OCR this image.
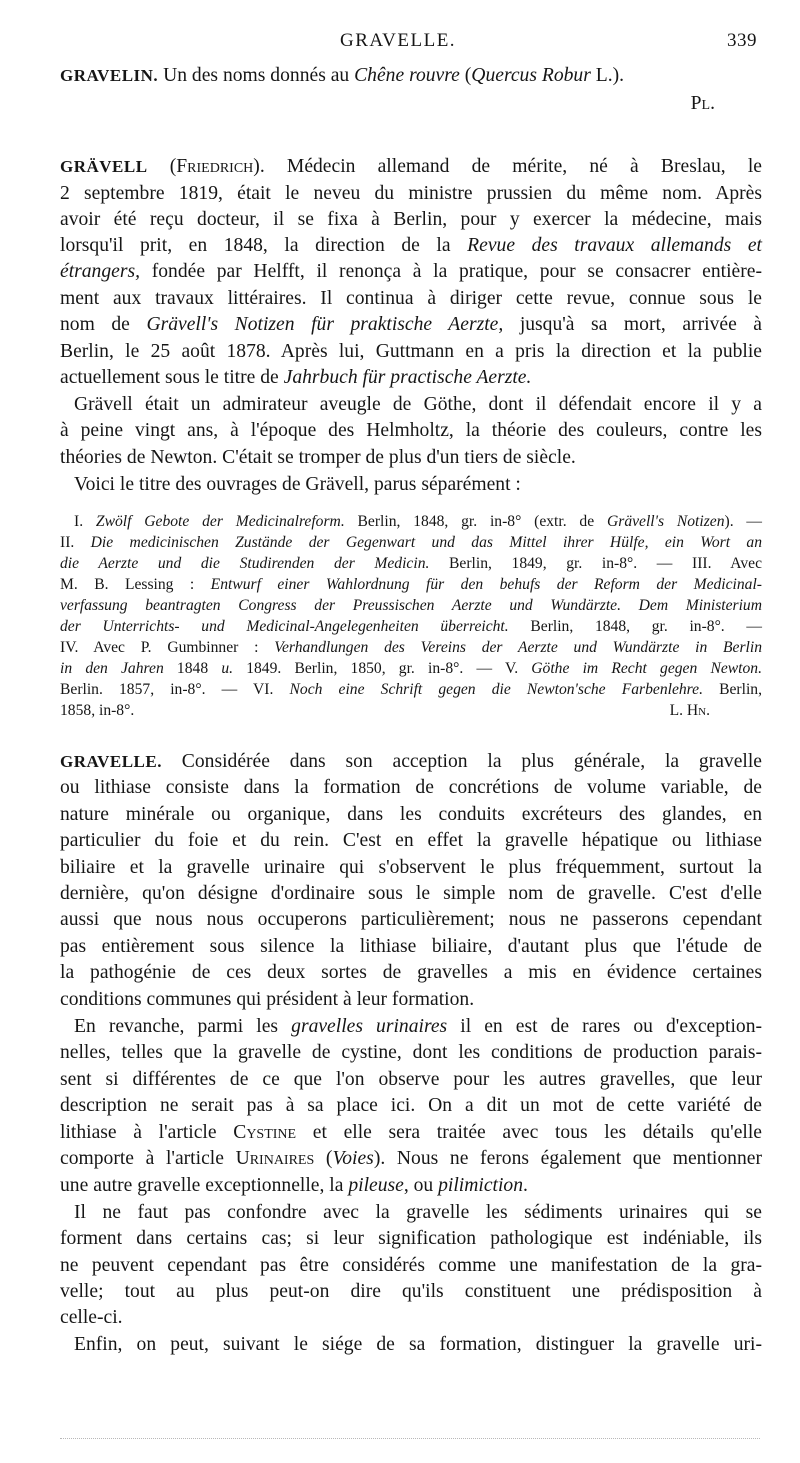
GRAVELLE.	339
GRAVELIN. Un des noms donnés au Chêne rouvre (Quercus Robur L.).
Pl.
GRÄVELL (Friedrich). Médecin allemand de mérite, né à Breslau, le
2 septembre 1819, était le neveu du ministre prussien du même nom. Après
avoir été reçu docteur, il se fixa à Berlin, pour y exercer la médecine, mais
lorsqu'il prit, en 1848, la direction de la Revue des travaux allemands et
étrangers, fondée par Helfft, il renonça à la pratique, pour se consacrer entière-
ment aux travaux littéraires. Il continua à diriger cette revue, connue sous le
nom de Grävell's Notizen für praktische Aerzte, jusqu'à sa mort, arrivée à
Berlin, le 25 août 1878. Après lui, Guttmann en a pris la direction et la publie
actuellement sous le titre de Jahrbuch für practische Aerzte.
Grävell était un admirateur aveugle de Göthe, dont il défendait encore il y a
à peine vingt ans, à l'époque des Helmholtz, la théorie des couleurs, contre les
théories de Newton. C'était se tromper de plus d'un tiers de siècle.
Voici le titre des ouvrages de Grävell, parus séparément :
I. Zwölf Gebote der Medicinalreform. Berlin, 1848, gr. in-8° (extr. de Grävell's Notizen). —
II. Die medicinischen Zustände der Gegenwart und das Mittel ihrer Hülfe, ein Wort an
die Aerzte und die Studirenden der Medicin. Berlin, 1849, gr. in-8°. — III. Avec
M. B. Lessing : Entwurf einer Wahlordnung für den behufs der Reform der Medicinal-
verfassung beantragten Congress der Preussischen Aerzte und Wundärzte. Dem Ministerium
der Unterrichts- und Medicinal-Angelegenheiten überreicht. Berlin, 1848, gr. in-8°. —
IV. Avec P. Gumbinner : Verhandlungen des Vereins der Aerzte und Wundärzte in Berlin
in den Jahren 1848 u. 1849. Berlin, 1850, gr. in-8°. — V. Göthe im Recht gegen Newton.
Berlin. 1857, in-8°. — VI. Noch eine Schrift gegen die Newton'sche Farbenlehre. Berlin,
1858, in-8°.	L. Hn.
GRAVELLE. Considérée dans son acception la plus générale, la gravelle
ou lithiase consiste dans la formation de concrétions de volume variable, de
nature minérale ou organique, dans les conduits excréteurs des glandes, en
particulier du foie et du rein. C'est en effet la gravelle hépatique ou lithiase
biliaire et la gravelle urinaire qui s'observent le plus fréquemment, surtout la
dernière, qu'on désigne d'ordinaire sous le simple nom de gravelle. C'est d'elle
aussi que nous nous occuperons particulièrement; nous ne passerons cependant
pas entièrement sous silence la lithiase biliaire, d'autant plus que l'étude de
la pathogénie de ces deux sortes de gravelles a mis en évidence certaines
conditions communes qui président à leur formation.
En revanche, parmi les gravelles urinaires il en est de rares ou d'exception-
nelles, telles que la gravelle de cystine, dont les conditions de production parais-
sent si différentes de ce que l'on observe pour les autres gravelles, que leur
description ne serait pas à sa place ici. On a dit un mot de cette variété de
lithiase à l'article Cystine et elle sera traitée avec tous les détails qu'elle
comporte à l'article Urinaires (Voies). Nous ne ferons également que mentionner
une autre gravelle exceptionnelle, la pileuse, ou pilimiction.
Il ne faut pas confondre avec la gravelle les sédiments urinaires qui se
forment dans certains cas; si leur signification pathologique est indéniable, ils
ne peuvent cependant pas être considérés comme une manifestation de la gra-
velle; tout au plus peut-on dire qu'ils constituent une prédisposition à
celle-ci.
Enfin, on peut, suivant le siége de sa formation, distinguer la gravelle uri-
